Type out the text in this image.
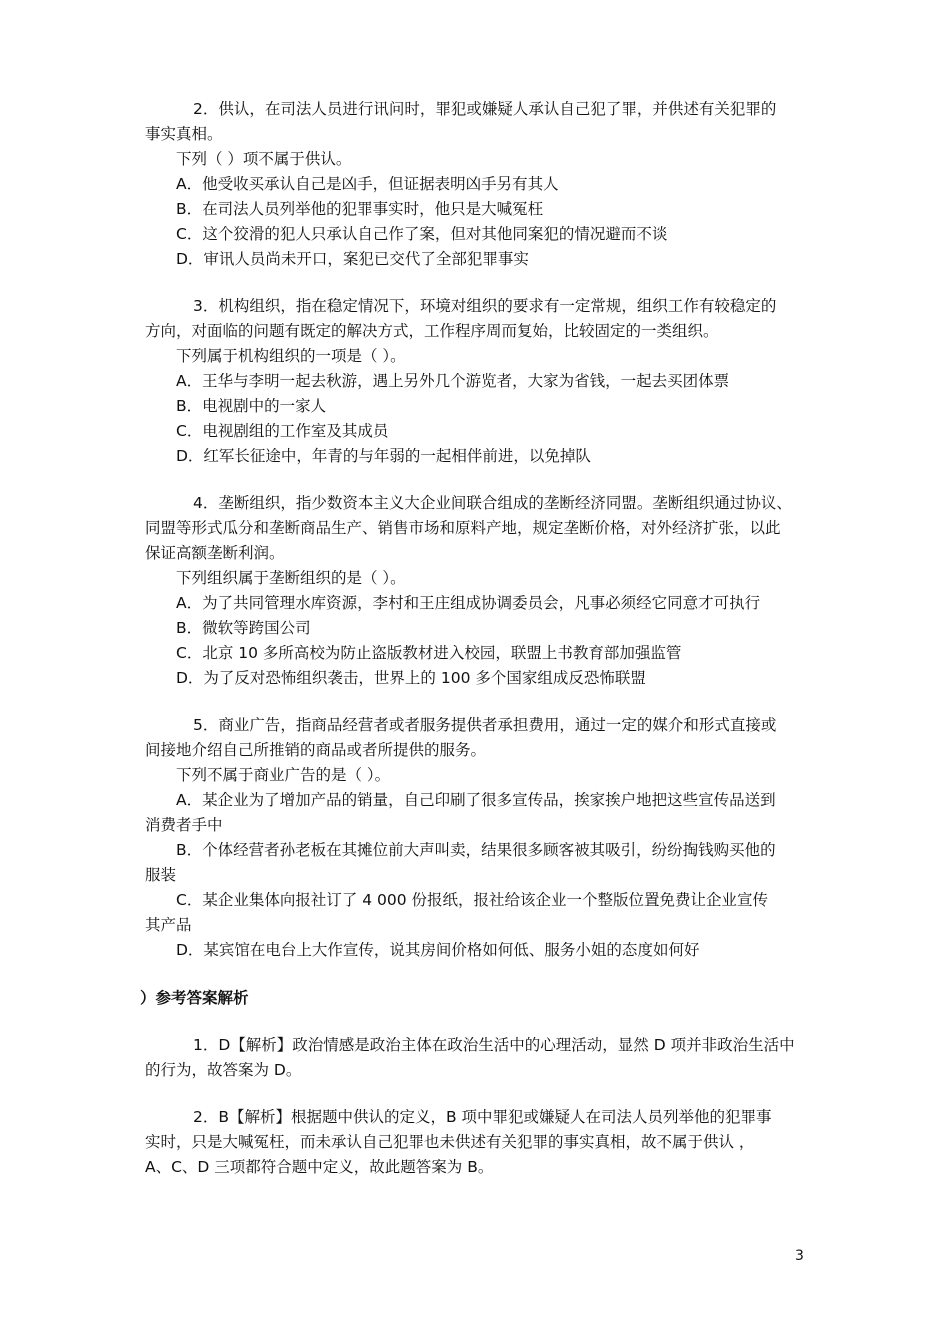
2．供认，在司法人员进行讯问时，罪犯或嫌疑人承认自己犯了罪，并供述有关犯罪的
事实真相。
下列（ ）项不属于供认。
A．他受收买承认自己是凶手，但证据表明凶手另有其人
B．在司法人员列举他的犯罪事实时，他只是大喊冤枉
C．这个狡滑的犯人只承认自己作了案，但对其他同案犯的情况避而不谈
D．审讯人员尚未开口，案犯已交代了全部犯罪事实
3．机构组织，指在稳定情况下，环境对组织的要求有一定常规，组织工作有较稳定的
方向，对面临的问题有既定的解决方式，工作程序周而复始，比较固定的一类组织。
下列属于机构组织的一项是（ ）。
A．王华与李明一起去秋游，遇上另外几个游览者，大家为省钱，一起去买团体票
B．电视剧中的一家人
C．电视剧组的工作室及其成员
D．红军长征途中，年青的与年弱的一起相伴前进，以免掉队
4．垄断组织，指少数资本主义大企业间联合组成的垄断经济同盟。垄断组织通过协议、
同盟等形式瓜分和垄断商品生产、销售市场和原料产地，规定垄断价格，对外经济扩张，以此
保证高额垄断利润。
下列组织属于垄断组织的是（ ）。
A．为了共同管理水库资源，李村和王庄组成协调委员会，凡事必须经它同意才可执行
B．微软等跨国公司
C．北京 10 多所高校为防止盗版教材进入校园，联盟上书教育部加强监管
D．为了反对恐怖组织袭击，世界上的 100 多个国家组成反恐怖联盟
5．商业广告，指商品经营者或者服务提供者承担费用，通过一定的媒介和形式直接或
间接地介绍自己所推销的商品或者所提供的服务。
下列不属于商业广告的是（ ）。
A．某企业为了增加产品的销量，自己印刷了很多宣传品，挨家挨户地把这些宣传品送到
消费者手中
B．个体经营者孙老板在其摊位前大声叫卖，结果很多顾客被其吸引，纷纷掏钱购买他的
服装
C．某企业集体向报社订了 4 000 份报纸，报社给该企业一个整版位置免费让企业宣传
其产品
D．某宾馆在电台上大作宣传，说其房间价格如何低、服务小姐的态度如何好
）参考答案解析
1．D【解析】政治情感是政治主体在政治生活中的心理活动，显然 D 项并非政治生活中
的行为，故答案为 D。
2．B【解析】根据题中供认的定义，B 项中罪犯或嫌疑人在司法人员列举他的犯罪事
实时，只是大喊冤枉，而未承认自己犯罪也未供述有关犯罪的事实真相，故不属于供认 ，
A、C、D 三项都符合题中定义，故此题答案为 B。
3
